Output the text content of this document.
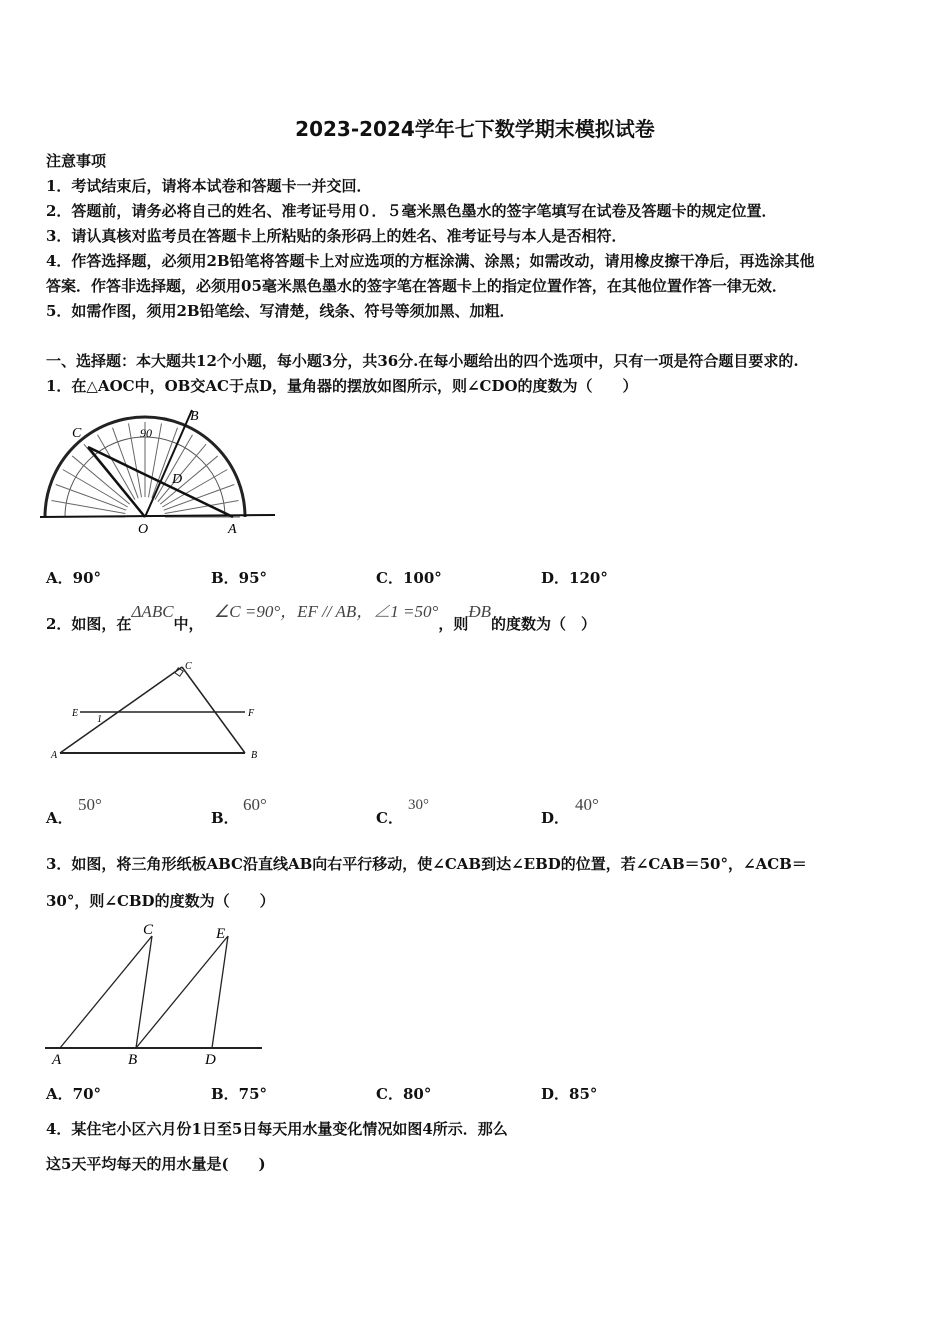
2023-2024学年七下数学期末模拟试卷
注意事项
1．考试结束后，请将本试卷和答题卡一并交回．
2．答题前，请务必将自己的姓名、准考证号用０．５毫米黑色墨水的签字笔填写在试卷及答题卡的规定位置．
3．请认真核对监考员在答题卡上所粘贴的条形码上的姓名、准考证号与本人是否相符．
4．作答选择题，必须用2B铅笔将答题卡上对应选项的方框涂满、涂黑；如需改动，请用橡皮擦干净后，再选涂其他
答案．作答非选择题，必须用05毫米黑色墨水的签字笔在答题卡上的指定位置作答，在其他位置作答一律无效．
5．如需作图，须用2B铅笔绘、写清楚，线条、符号等须加黑、加粗．
一、选择题：本大题共12个小题，每小题3分，共36分.在每小题给出的四个选项中，只有一项是符合题目要求的.
1．在△AOC中，OB交AC于点D，量角器的摆放如图所示，则∠CDO的度数为（　　）
C
B
D
O	A
90
A．90°	B．95°	C．100°	D．120°
2．如图，在ΔABC中，  ∠C =90°，EF // AB，∠1 =50°，则ÐB的度数为（　）
C
E	F
1
A	B
A．
50°
B．
60°
C．
30°
D．
40°
3．如图，将三角形纸板ABC沿直线AB向右平行移动，使∠CAB到达∠EBD的位置，若∠CAB＝50°，∠ACB＝
30°，则∠CBD的度数为（　　）
C	E
A	B	D
A．70°	B．75°	C．80°	D．85°
4．某住宅小区六月份1日至5日每天用水量变化情况如图4所示．那么
这5天平均每天的用水量是(　　)
